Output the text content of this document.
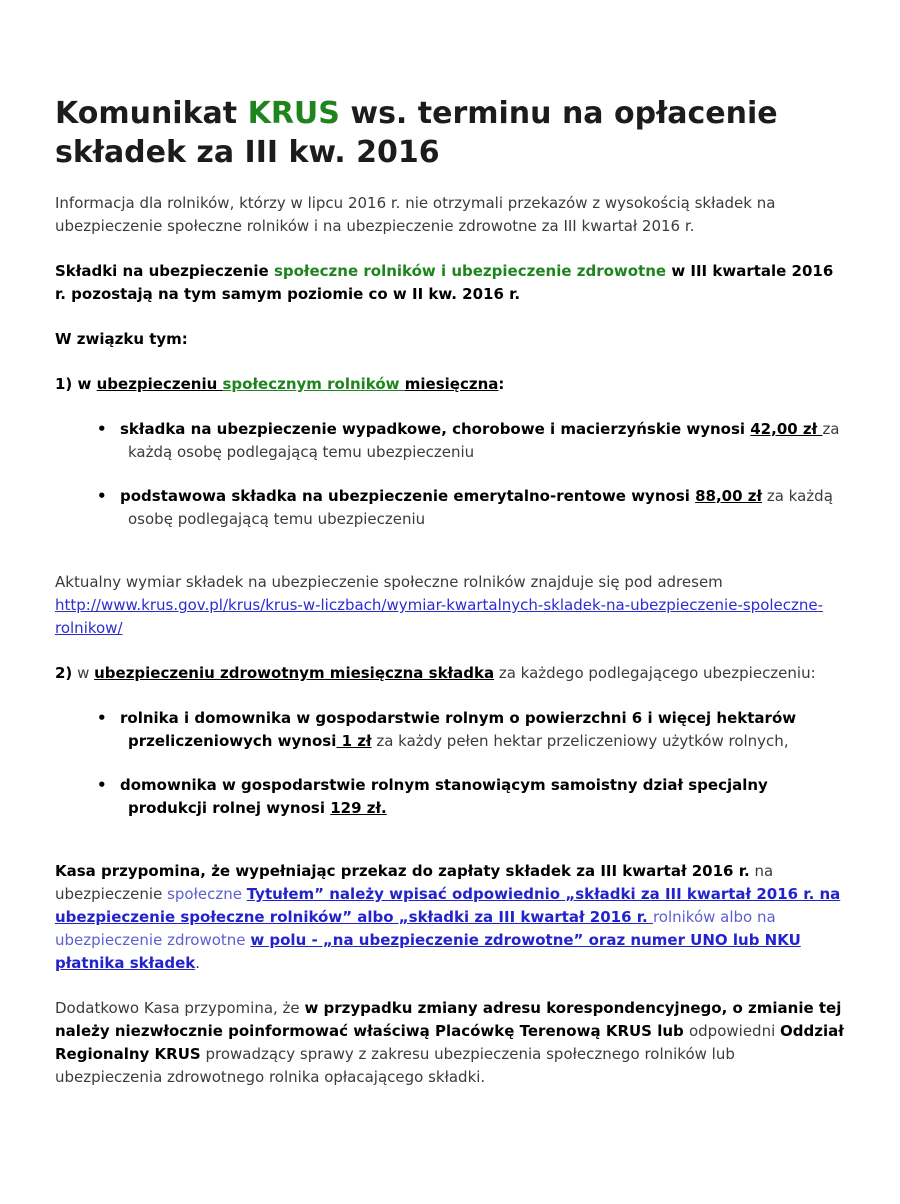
Komunikat KRUS ws. terminu na opłacenie składek za III kw. 2016

Informacja dla rolników, którzy w lipcu 2016 r. nie otrzymali przekazów z wysokością składek na ubezpieczenie społeczne rolników i na ubezpieczenie zdrowotne za III kwartał 2016 r.

Składki na ubezpieczenie społeczne rolników i ubezpieczenie zdrowotne w III kwartale 2016 r. pozostają na tym samym poziomie co w II kw. 2016 r.

W związku tym:

1) w ubezpieczeniu społecznym rolników miesięczna:

• składka na ubezpieczenie wypadkowe, chorobowe i macierzyńskie wynosi 42,00 zł za każdą osobę podlegającą temu ubezpieczeniu
• podstawowa składka na ubezpieczenie emerytalno-rentowe wynosi 88,00 zł za każdą osobę podlegającą temu ubezpieczeniu

Aktualny wymiar składek na ubezpieczenie społeczne rolników znajduje się pod adresem http://www.krus.gov.pl/krus/krus-w-liczbach/wymiar-kwartalnych-skladek-na-ubezpieczenie-spoleczne-rolnikow/

2) w ubezpieczeniu zdrowotnym miesięczna składka za każdego podlegającego ubezpieczeniu:

• rolnika i domownika w gospodarstwie rolnym o powierzchni 6 i więcej hektarów przeliczeniowych wynosi 1 zł za każdy pełen hektar przeliczeniowy użytków rolnych,
• domownika w gospodarstwie rolnym stanowiącym samoistny dział specjalny produkcji rolnej wynosi 129 zł.

Kasa przypomina, że wypełniając przekaz do zapłaty składek za III kwartał 2016 r. na ubezpieczenie społeczne Tytułem” należy wpisać odpowiednio „składki za III kwartał 2016 r. na ubezpieczenie społeczne rolników” albo „składki za III kwartał 2016 r. rolników albo na ubezpieczenie zdrowotne w polu - „na ubezpieczenie zdrowotne” oraz numer UNO lub NKU płatnika składek.

Dodatkowo Kasa przypomina, że w przypadku zmiany adresu korespondencyjnego, o zmianie tej należy niezwłocznie poinformować właściwą Placówkę Terenową KRUS lub odpowiedni Oddział Regionalny KRUS prowadzący sprawy z zakresu ubezpieczenia społecznego rolników lub ubezpieczenia zdrowotnego rolnika opłacającego składki.
